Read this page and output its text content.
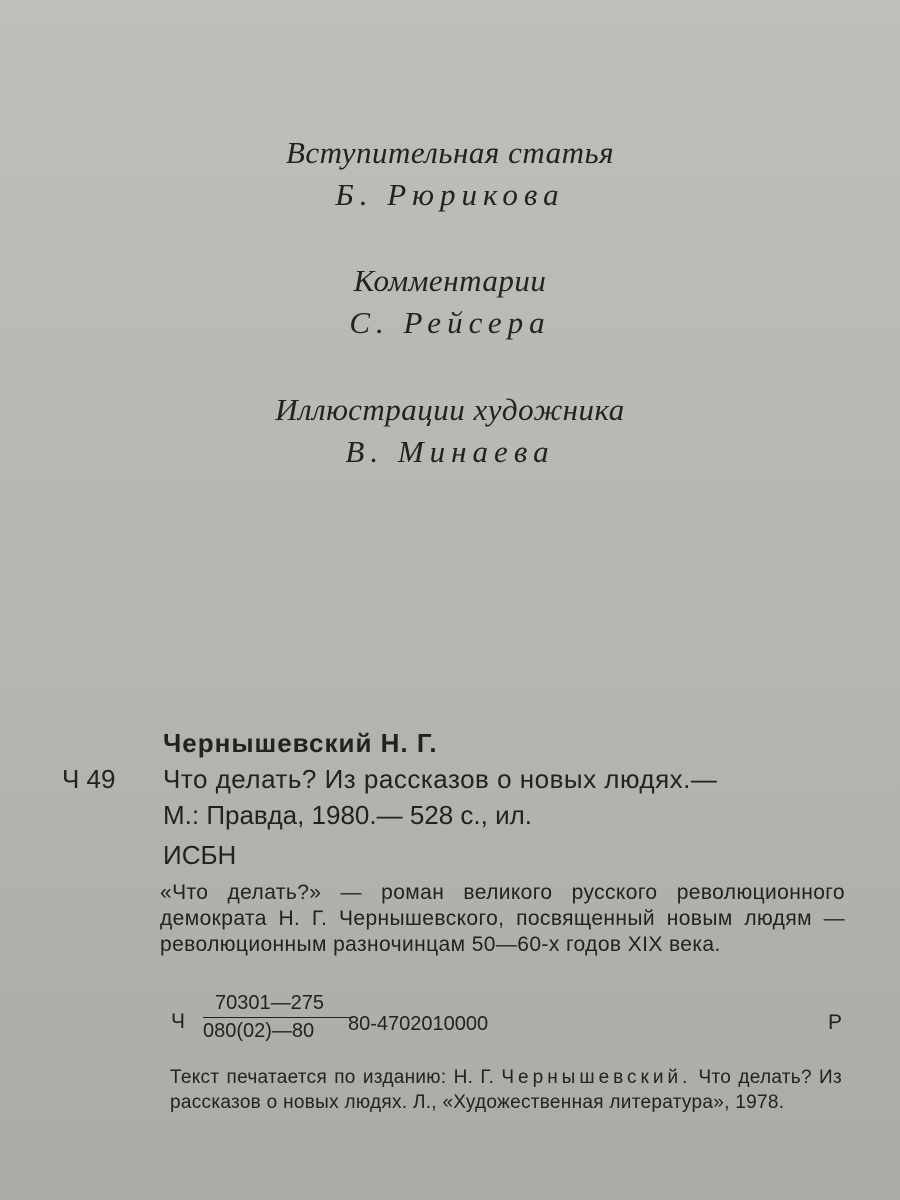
Вступительная статья
Б. Рюрикова
Комментарии
С. Рейсера
Иллюстрации художника
В. Минаева
Чернышевский Н. Г.
Ч 49 Что делать? Из рассказов о новых людях.—
М.: Правда, 1980.— 528 с., ил.
ИСБН
«Что делать?» — роман великого русского революционного демократа Н. Г. Чернышевского, посвященный новым людям — революционным разночинцам 50—60-х годов XIX века.
Ч
70301—275
080(02)—80 80-4702010000	Р
Текст печатается по изданию: Н. Г. Чернышевский. Что делать? Из рассказов о новых людях. Л., «Художественная литература», 1978.
